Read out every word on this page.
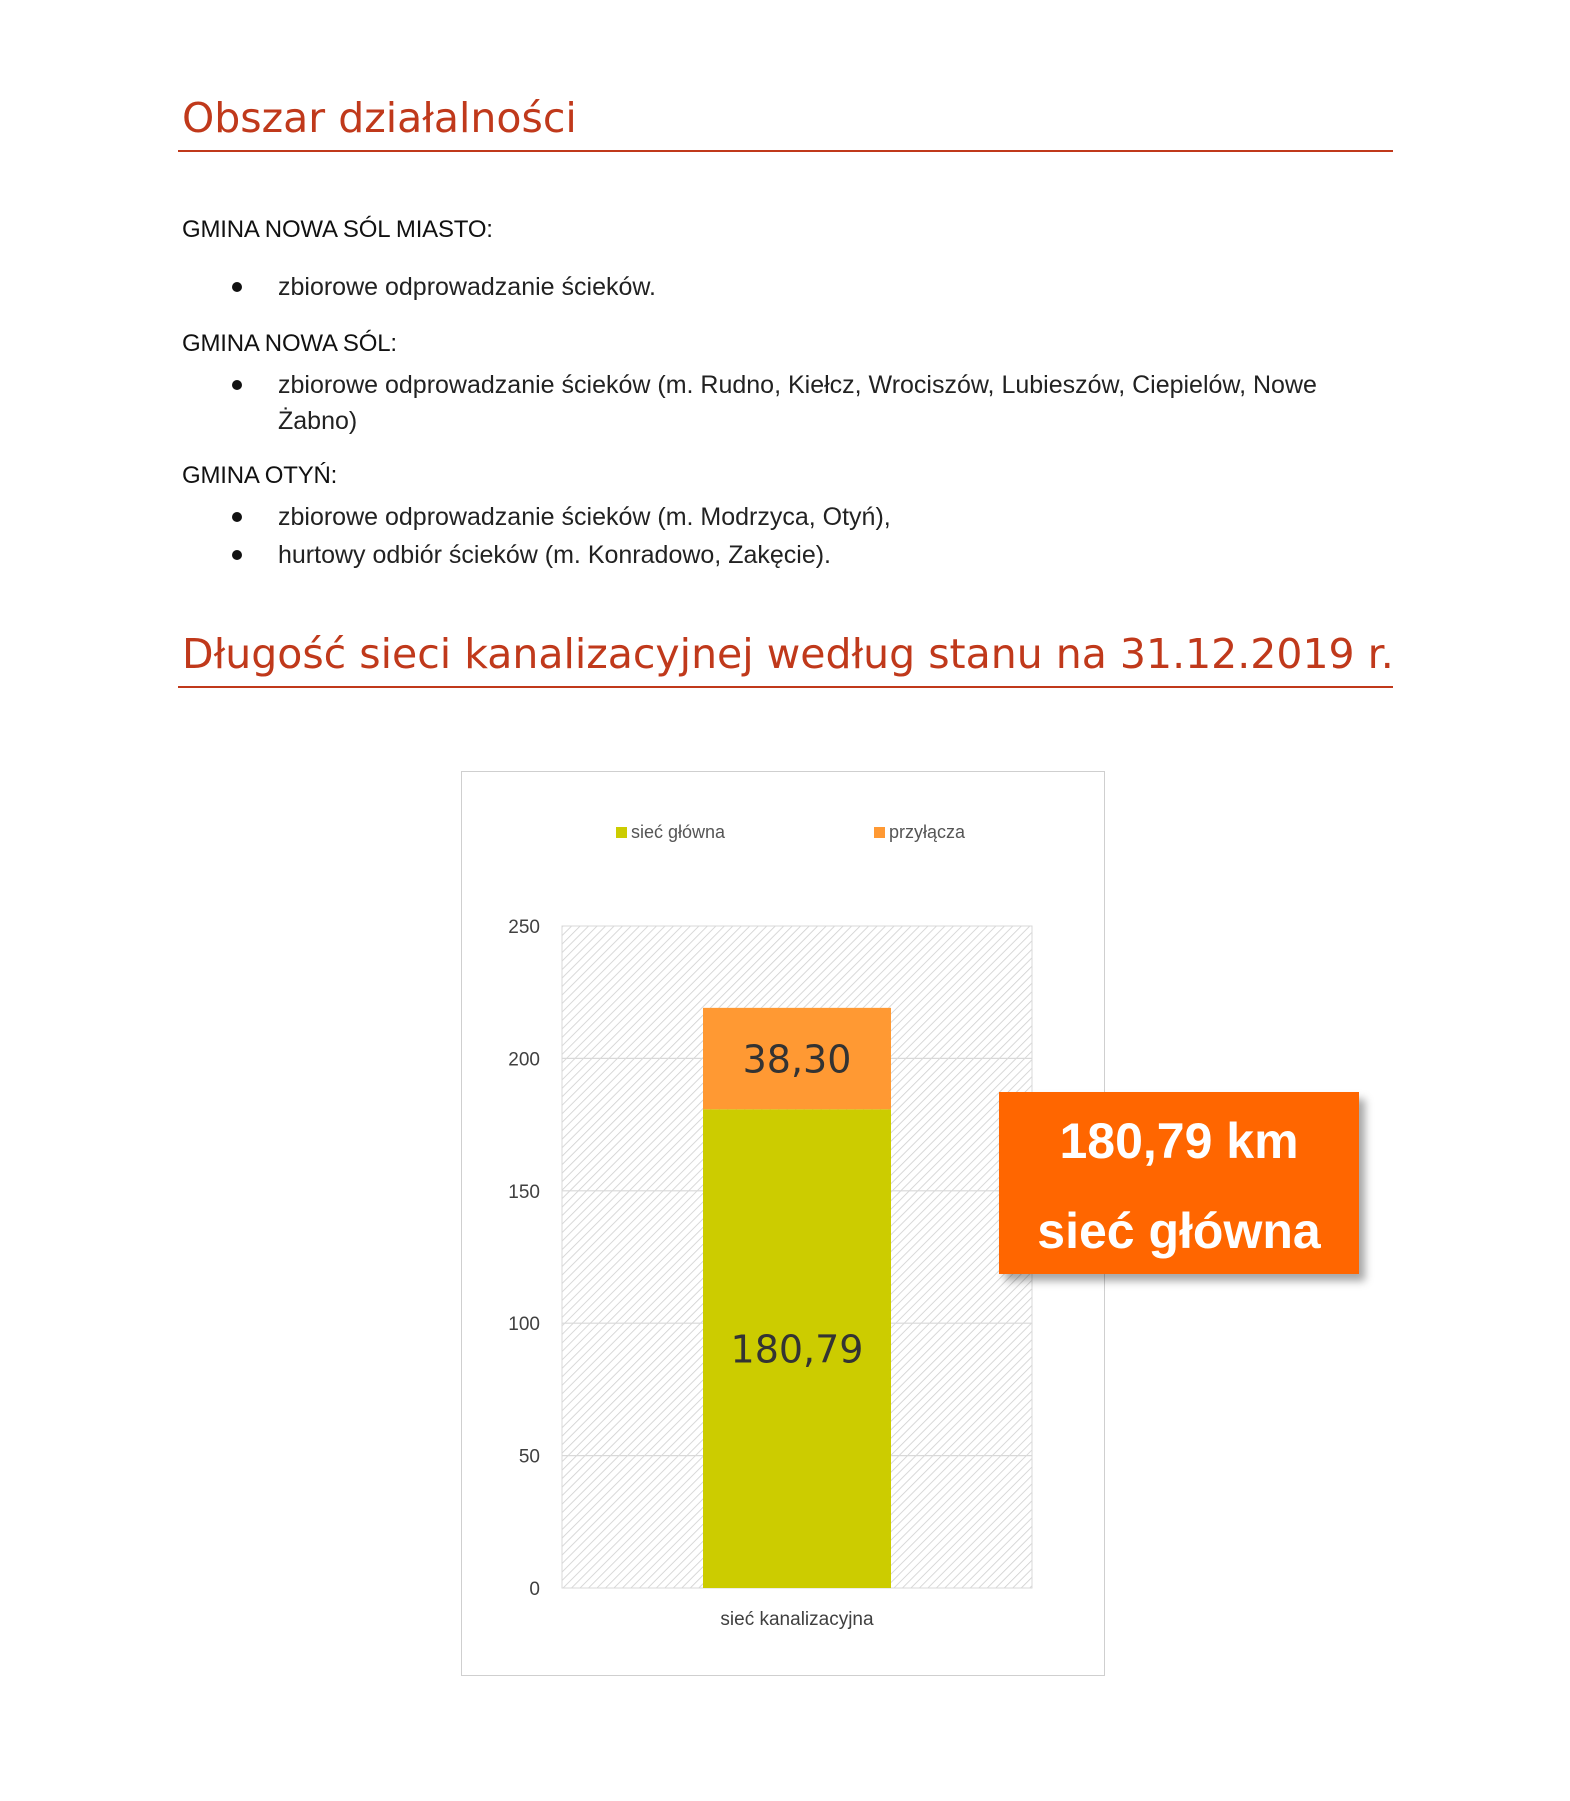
Obszar działalności
GMINA NOWA SÓL MIASTO:
zbiorowe odprowadzanie ścieków.
GMINA NOWA SÓL:
zbiorowe odprowadzanie ścieków (m. Rudno, Kiełcz, Wrociszów, Lubieszów, Ciepielów, Nowe
Żabno)
GMINA OTYŃ:
zbiorowe odprowadzanie ścieków (m. Modrzyca, Otyń),
hurtowy odbiór ścieków (m. Konradowo, Zakęcie).
Długość sieci kanalizacyjnej według stanu na 31.12.2019 r.
0
50
100
150
200
250
180,79
38,30
sieć główna	przyłącza
sieć kanalizacyjna
180,79 km
sieć główna
